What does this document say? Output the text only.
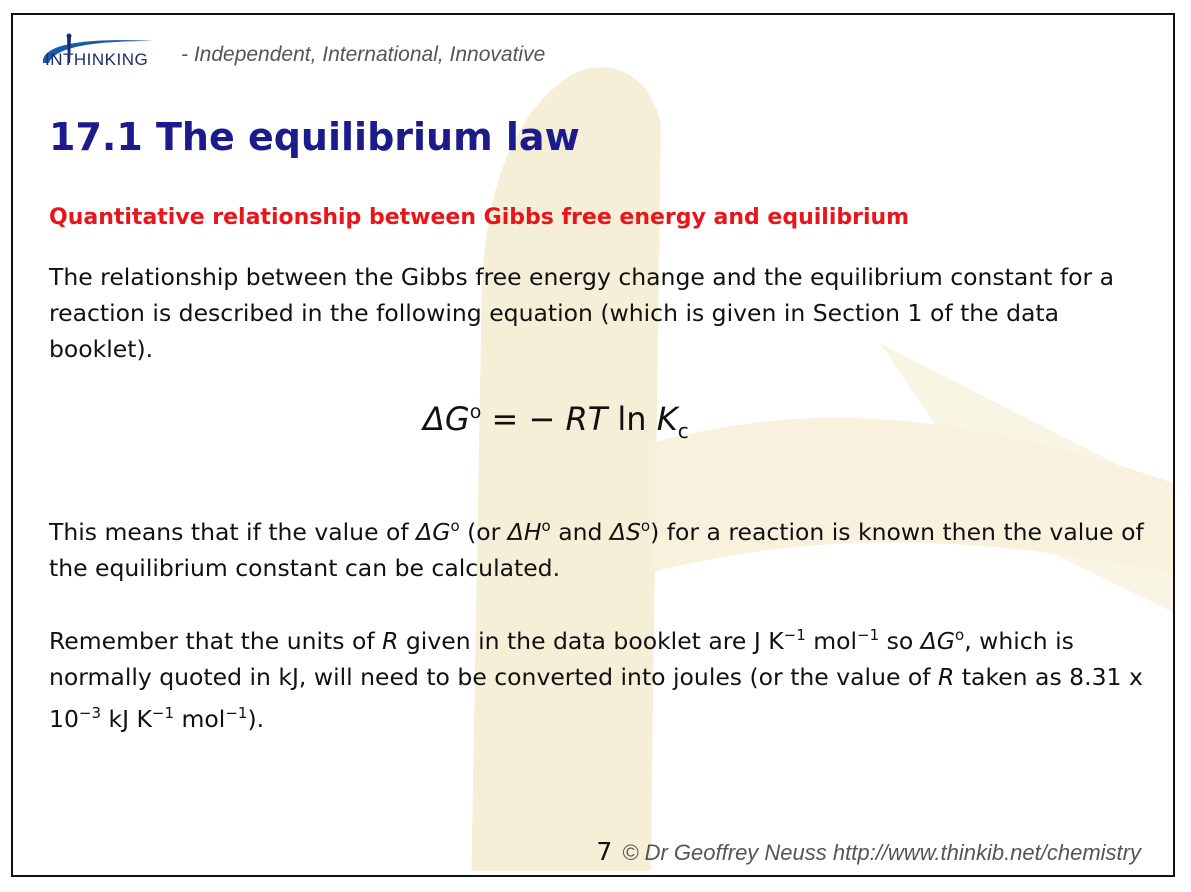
INTHINKING - Independent, International, Innovative
17.1 The equilibrium law
Quantitative relationship between Gibbs free energy and equilibrium

The relationship between the Gibbs free energy change and the equilibrium constant for a reaction is described in the following equation (which is given in Section 1 of the data booklet).

$\Delta G^o$ = − RT $\ln K_c$

This means that if the value of $\Delta G^o$ (or $\Delta H^o$ and $\Delta S^o$) for a reaction is known then the value of the equilibrium constant can be calculated.

Remember that the units of R given in the data booklet are J $K^{-1}$ mol$^{-1}$ so $\Delta G^o$, which is normally quoted in kJ, will need to be converted into joules (or the value of R taken as 8.31 x $10^{-3}$ kJ $K^{-1}$ mol$^{-1}$).

7 © Dr Geoffrey Neuss http://www.thinkib.net/chemistry
